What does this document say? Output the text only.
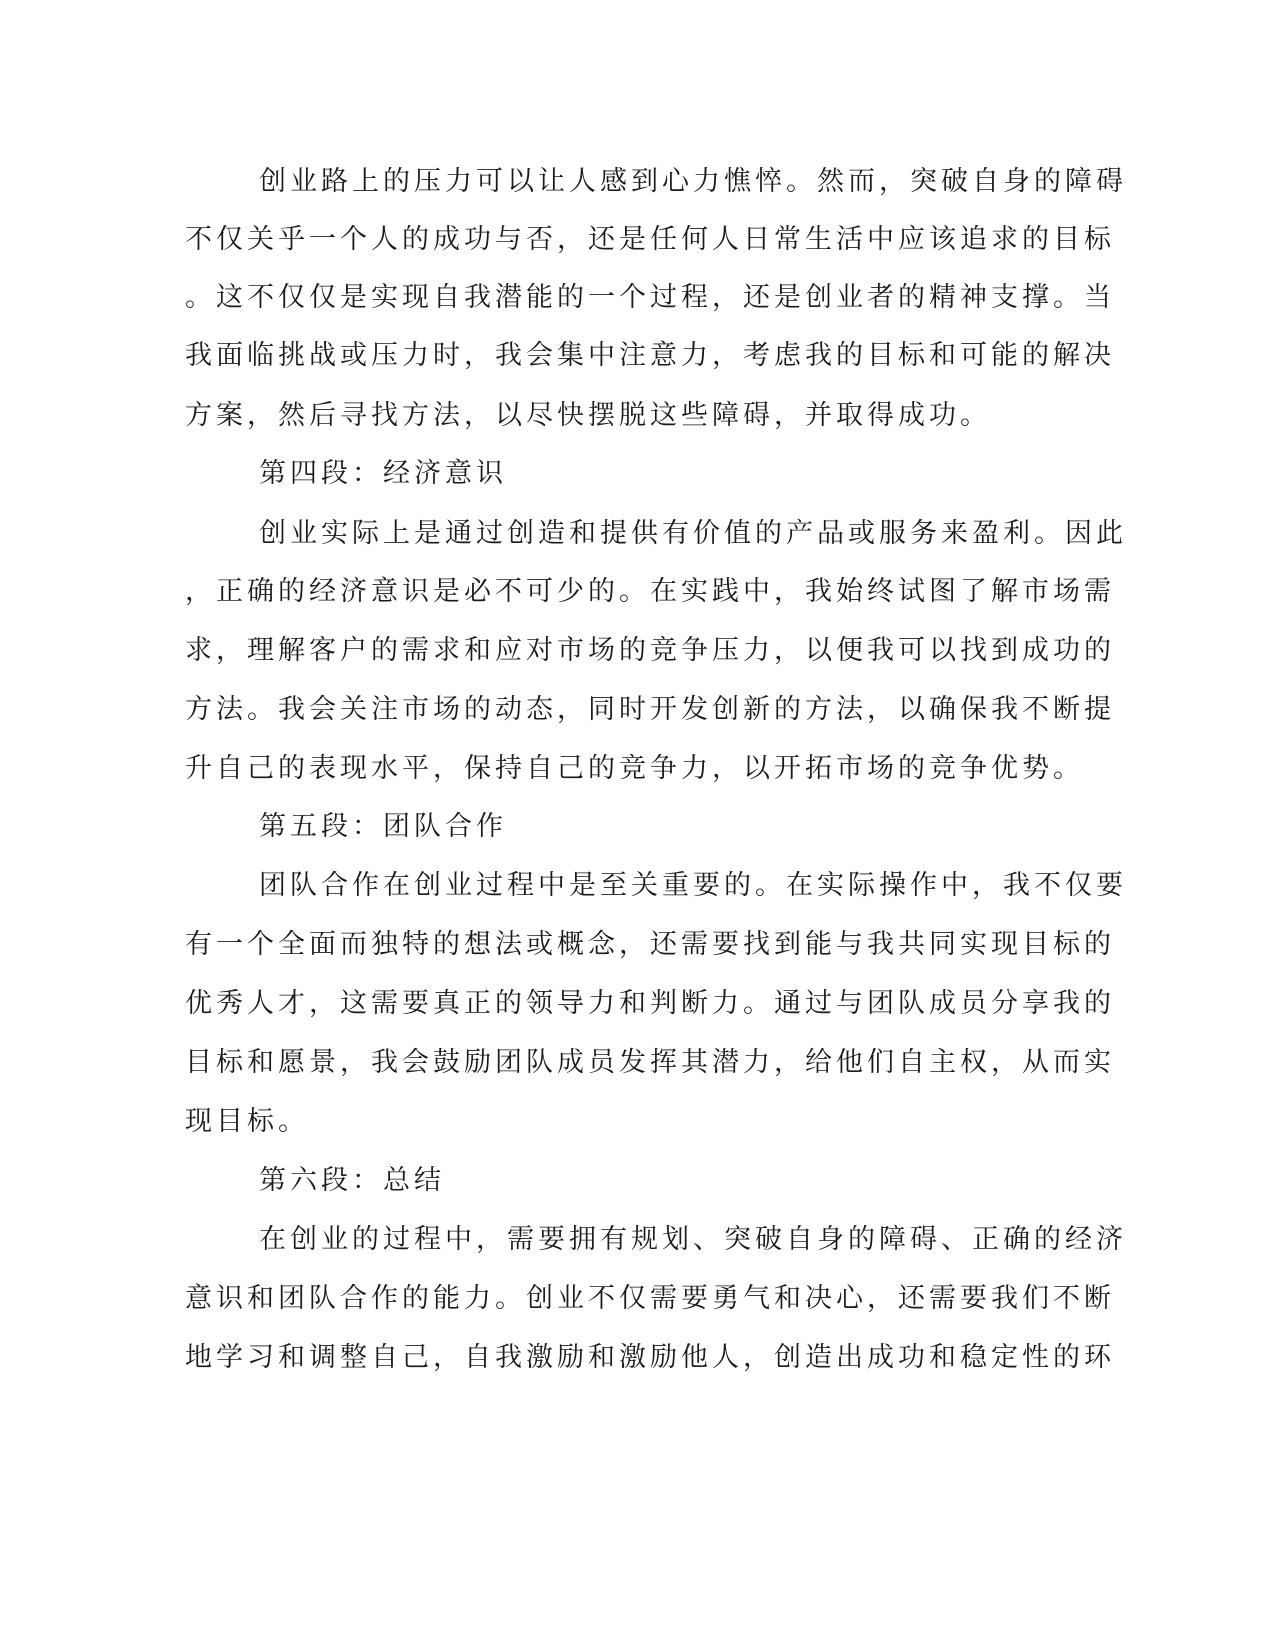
创业路上的压力可以让人感到心力憔悴。然而，突破自身的障碍
不仅关乎一个人的成功与否，还是任何人日常生活中应该追求的目标
。这不仅仅是实现自我潜能的一个过程，还是创业者的精神支撑。当
我面临挑战或压力时，我会集中注意力，考虑我的目标和可能的解决
方案，然后寻找方法，以尽快摆脱这些障碍，并取得成功。
第四段：经济意识
创业实际上是通过创造和提供有价值的产品或服务来盈利。因此
，正确的经济意识是必不可少的。在实践中，我始终试图了解市场需
求，理解客户的需求和应对市场的竞争压力，以便我可以找到成功的
方法。我会关注市场的动态，同时开发创新的方法，以确保我不断提
升自己的表现水平，保持自己的竞争力，以开拓市场的竞争优势。
第五段：团队合作
团队合作在创业过程中是至关重要的。在实际操作中，我不仅要
有一个全面而独特的想法或概念，还需要找到能与我共同实现目标的
优秀人才，这需要真正的领导力和判断力。通过与团队成员分享我的
目标和愿景，我会鼓励团队成员发挥其潜力，给他们自主权，从而实
现目标。
第六段：总结
在创业的过程中，需要拥有规划、突破自身的障碍、正确的经济
意识和团队合作的能力。创业不仅需要勇气和决心，还需要我们不断
地学习和调整自己，自我激励和激励他人，创造出成功和稳定性的环
